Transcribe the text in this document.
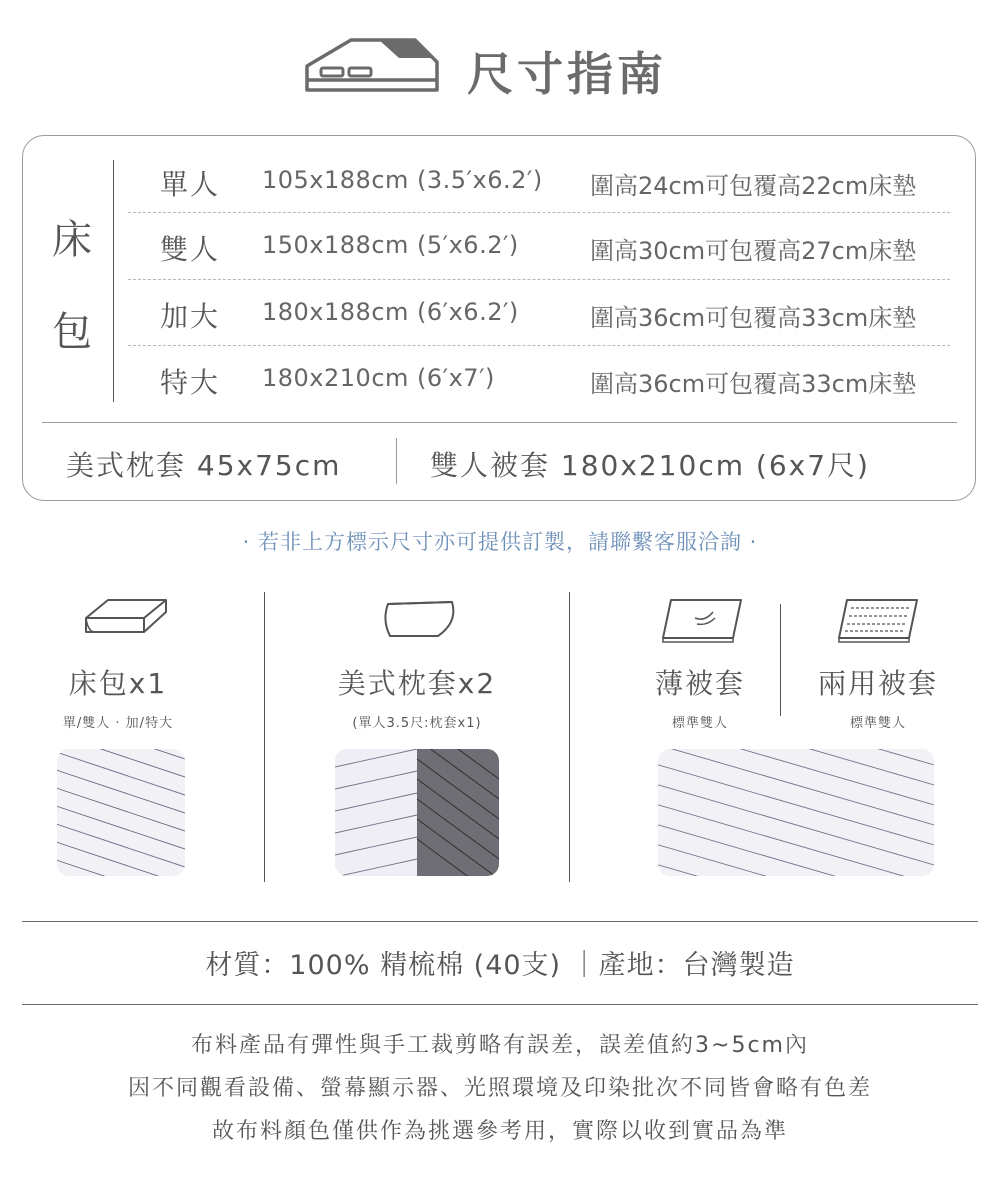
尺寸指南
床
包
單人 105x188cm (3.5′x6.2′) 圍高24cm可包覆高22cm床墊
雙人 150x188cm (5′x6.2′)	圍高30cm可包覆高27cm床墊
加大 180x188cm (6′x6.2′)	圍高36cm可包覆高33cm床墊
特大 180x210cm (6′x7′)	圍高36cm可包覆高33cm床墊
美式枕套 45x75cm	雙人被套 180x210cm (6x7尺)
· 若非上方標示尺寸亦可提供訂製，請聯繫客服洽詢 ·
床包x1
單/雙人 · 加/特大
美式枕套x2
(單人3.5尺:枕套x1)
薄被套
標準雙人
兩用被套
標準雙人
材質：100% 精梳棉 (40支) ｜產地：台灣製造
布料產品有彈性與手工裁剪略有誤差，誤差值約3~5cm內
因不同觀看設備、螢幕顯示器、光照環境及印染批次不同皆會略有色差
故布料顏色僅供作為挑選參考用，實際以收到實品為準
